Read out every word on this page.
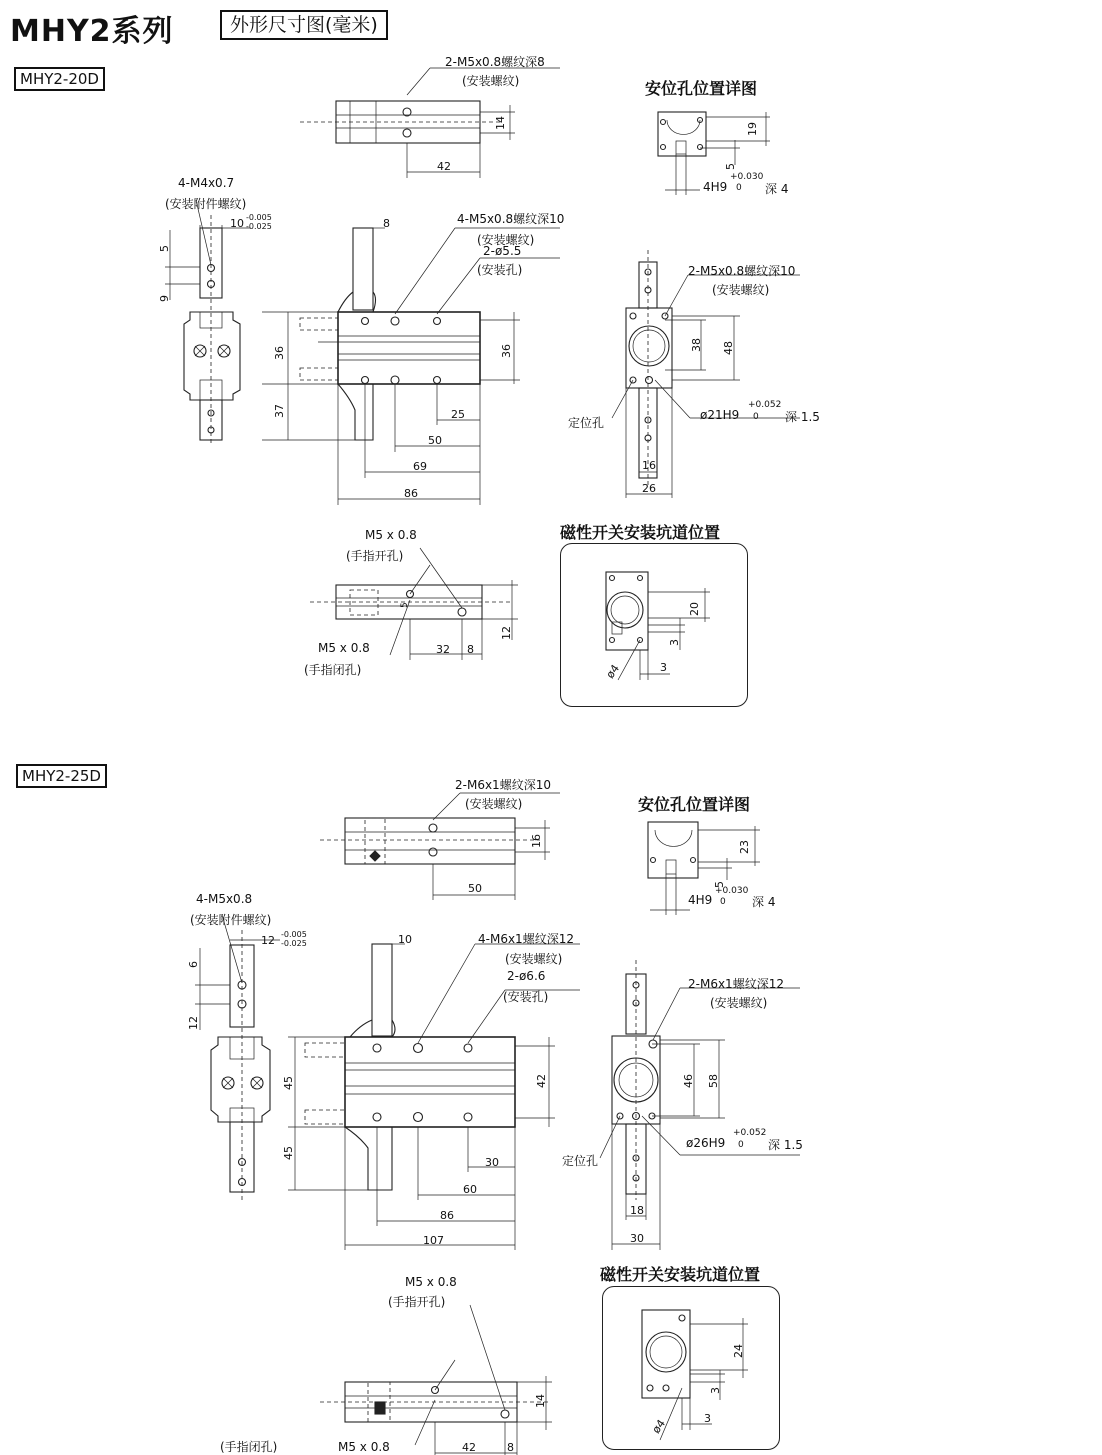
MHY2系列	外形尺寸图(毫米)
MHY2-20D
2-M5x0.8螺纹深8
(安装螺纹)
14
42
安位孔位置详图
19
5
4H9
+0.030
0 深 4
4-M4x0.7
(安装附件螺纹)
10 -0.005
-0.025
5
9
8	4-M5x0.8螺纹深10
(安装螺纹)
2-ø5.5
(安装孔)
36	36
37	25
50
69
86
2-M5x0.8螺纹深10
(安装螺纹)
38 48
定位孔
ø21H9
+0.052
0 深 1.5
16
26
M5 x 0.8
(手指开孔)
5
12
M5 x 0.8
(手指闭孔)
32 8
磁性开关安装坑道位置
20
3
3
ø4
MHY2-25D	2-M6x1螺纹深10
(安装螺纹)
16
50
安位孔位置详图
23
5
4H9
+0.030
0 深 4
4-M5x0.8
(安装附件螺纹)
12 -0.005
-0.025
6
12
10	4-M6x1螺纹深12
(安装螺纹)
2-ø6.6
(安装孔)
45
45
42
30
60
86
107
2-M6x1螺纹深12
(安装螺纹)
46 58
定位孔
ø26H9
+0.052
0 深 1.5
18
30
M5 x 0.8
(手指开孔)
14
M5 x 0.8	42	8
磁性开关安装坑道位置
24
3
3
ø4
(手指闭孔)
